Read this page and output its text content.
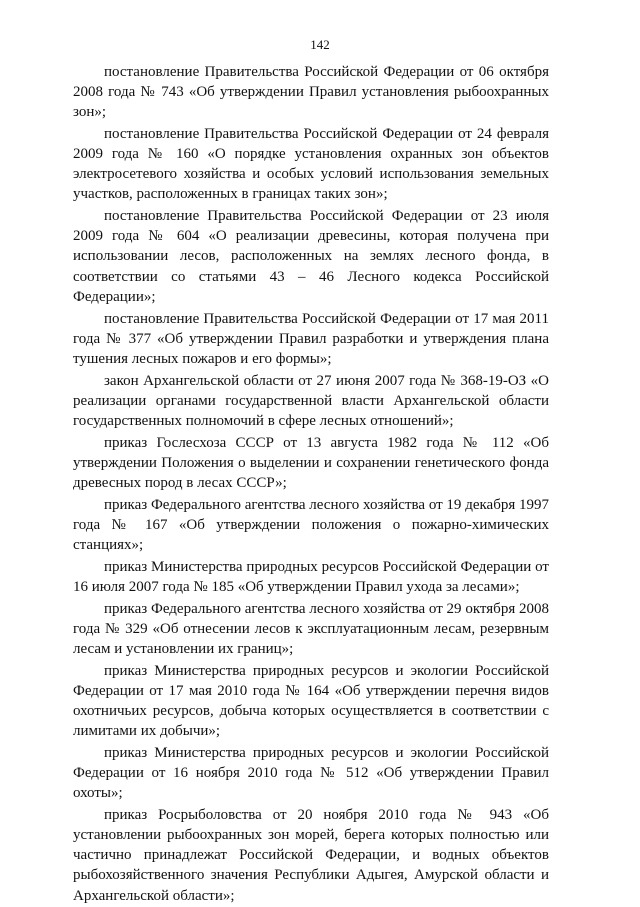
142

постановление Правительства Российской Федерации от 06 октября 2008 года № 743 «Об утверждении Правил установления рыбоохранных зон»;

постановление Правительства Российской Федерации от 24 февраля 2009 года № 160 «О порядке установления охранных зон объектов электросетевого хозяйства и особых условий использования земельных участков, расположенных в границах таких зон»;

постановление Правительства Российской Федерации от 23 июля 2009 года № 604 «О реализации древесины, которая получена при использовании лесов, расположенных на землях лесного фонда, в соответствии со статьями 43 – 46 Лесного кодекса Российской Федерации»;

постановление Правительства Российской Федерации от 17 мая 2011 года № 377 «Об утверждении Правил разработки и утверждения плана тушения лесных пожаров и его формы»;

закон Архангельской области от 27 июня 2007 года № 368-19-ОЗ «О реализации органами государственной власти Архангельской области государственных полномочий в сфере лесных отношений»;

приказ Гослесхоза СССР от 13 августа 1982 года № 112 «Об утверждении Положения о выделении и сохранении генетического фонда древесных пород в лесах СССР»;

приказ Федерального агентства лесного хозяйства от 19 декабря 1997 года № 167 «Об утверждении положения о пожарно-химических станциях»;

приказ Министерства природных ресурсов Российской Федерации от 16 июля 2007 года № 185 «Об утверждении Правил ухода за лесами»;

приказ Федерального агентства лесного хозяйства от 29 октября 2008 года № 329 «Об отнесении лесов к эксплуатационным лесам, резервным лесам и установлении их границ»;

приказ Министерства природных ресурсов и экологии Российской Федерации от 17 мая 2010 года № 164 «Об утверждении перечня видов охотничьих ресурсов, добыча которых осуществляется в соответствии с лимитами их добычи»;

приказ Министерства природных ресурсов и экологии Российской Федерации от 16 ноября 2010 года № 512 «Об утверждении Правил охоты»;

приказ Росрыболовства от 20 ноября 2010 года № 943 «Об установлении рыбоохранных зон морей, берега которых полностью или частично принадлежат Российской Федерации, и водных объектов рыбохозяйственного значения Республики Адыгея, Амурской области и Архангельской области»;
